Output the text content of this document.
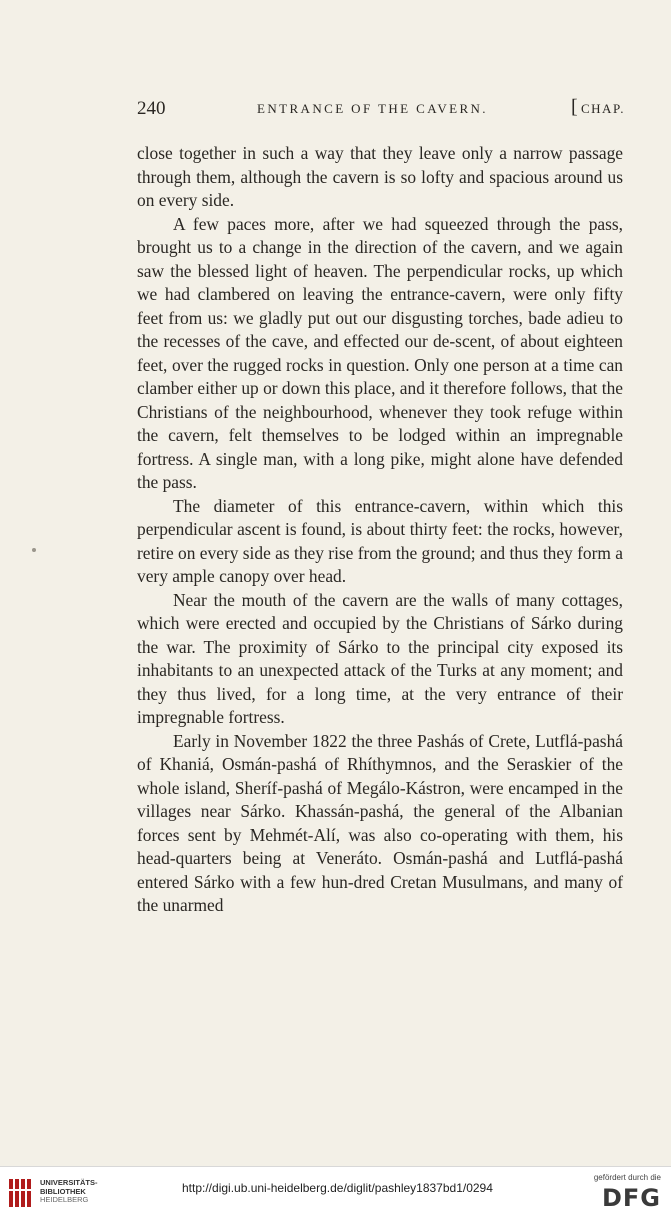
240	ENTRANCE OF THE CAVERN.	[ CHAP.

close together in such a way that they leave only a narrow passage through them, although the cavern is so lofty and spacious around us on every side.

A few paces more, after we had squeezed through the pass, brought us to a change in the direction of the cavern, and we again saw the blessed light of heaven. The perpendicular rocks, up which we had clambered on leaving the entrance-cavern, were only fifty feet from us: we gladly put out our disgusting torches, bade adieu to the recesses of the cave, and effected our de-scent, of about eighteen feet, over the rugged rocks in question. Only one person at a time can clamber either up or down this place, and it therefore follows, that the Christians of the neighbourhood, whenever they took refuge within the cavern, felt themselves to be lodged within an impregnable fortress. A single man, with a long pike, might alone have defended the pass.

The diameter of this entrance-cavern, within which this perpendicular ascent is found, is about thirty feet: the rocks, however, retire on every side as they rise from the ground; and thus they form a very ample canopy over head.

Near the mouth of the cavern are the walls of many cottages, which were erected and occupied by the Christians of Sárko during the war. The proximity of Sárko to the principal city exposed its inhabitants to an unexpected attack of the Turks at any moment; and they thus lived, for a long time, at the very entrance of their impregnable fortress.

Early in November 1822 the three Pashás of Crete, Lutflá-pashá of Khaniá, Osmán-pashá of Rhíthymnos, and the Seraskier of the whole island, Sheríf-pashá of Megálo-Kástron, were encamped in the villages near Sárko. Khassán-pashá, the general of the Albanian forces sent by Mehmét-Alí, was also co-operating with them, his head-quarters being at Veneráto. Osmán-pashá and Lutflá-pashá entered Sárko with a few hun-dred Cretan Musulmans, and many of the unarmed

UNIVERSITÄTS-
BIBLIOTHEK
HEIDELBERG
http://digi.ub.uni-heidelberg.de/diglit/pashley1837bd1/0294
gefördert durch die
DFG
